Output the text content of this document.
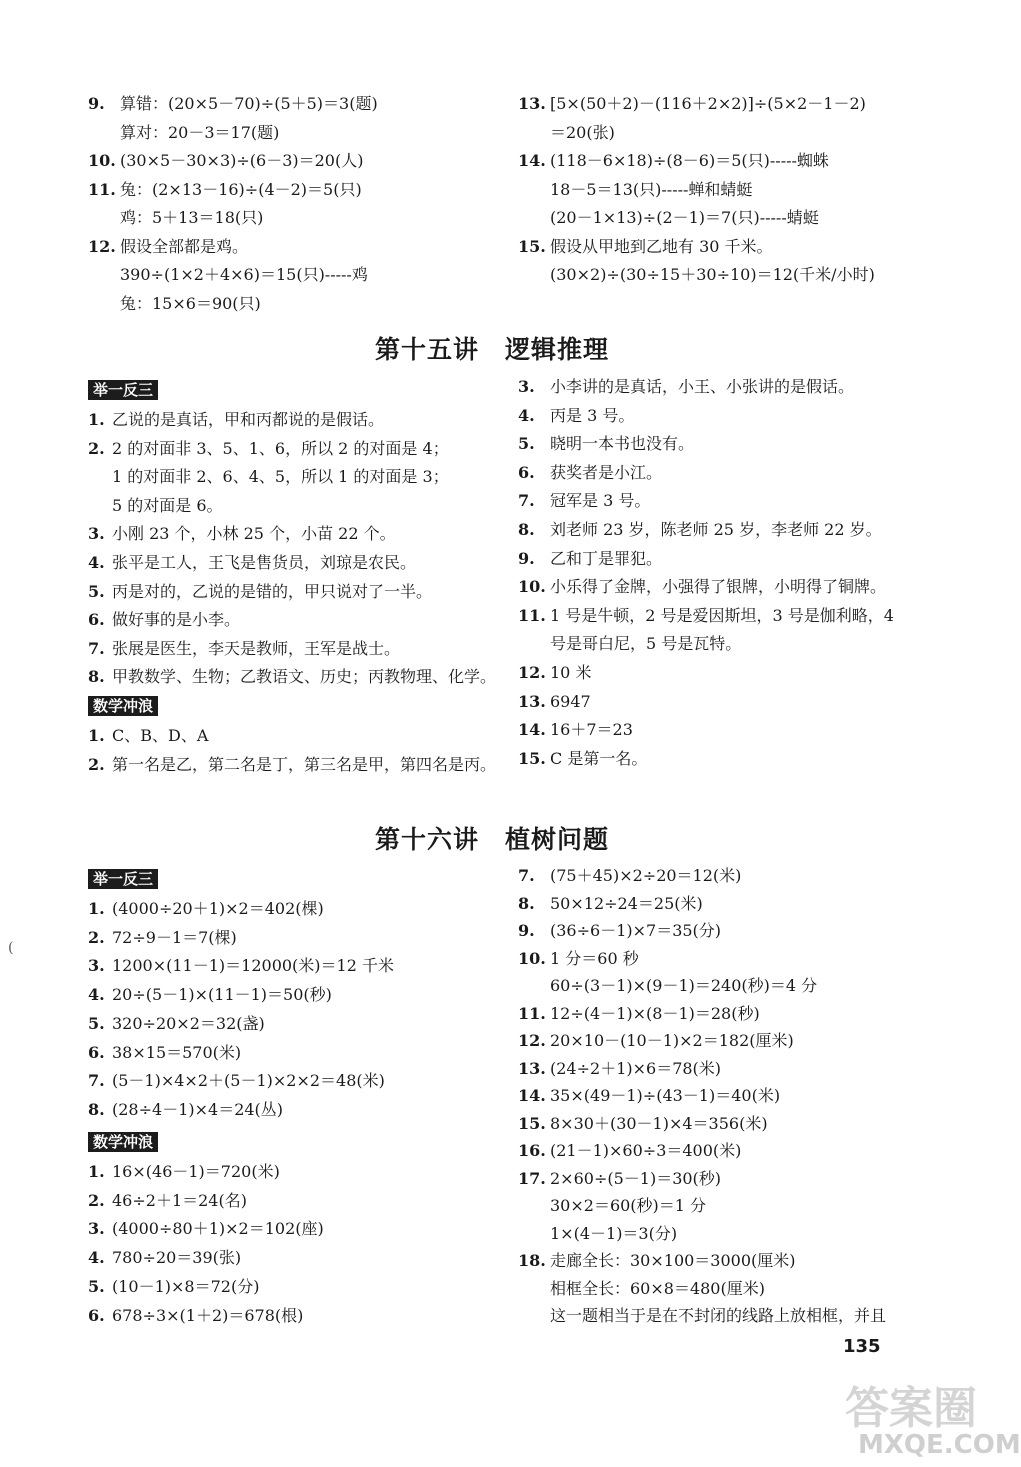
9. 算错：(20×5－70)÷(5＋5)＝3(题)
算对：20－3＝17(题)
10. (30×5－30×3)÷(6－3)＝20(人)
11. 兔：(2×13－16)÷(4－2)＝5(只)
鸡：5＋13＝18(只)
12. 假设全部都是鸡。
390÷(1×2＋4×6)＝15(只)-----鸡
兔：15×6＝90(只)
13. [5×(50＋2)－(116＋2×2)]÷(5×2－1－2)
＝20(张)
14. (118－6×18)÷(8－6)＝5(只)-----蜘蛛
18－5＝13(只)-----蝉和蜻蜓
(20－1×13)÷(2－1)＝7(只)-----蜻蜓
15. 假设从甲地到乙地有 30 千米。
(30×2)÷(30÷15＋30÷10)＝12(千米/小时)
1. 乙说的是真话，甲和丙都说的是假话。
2. 2 的对面非 3、5、1、6，所以 2 的对面是 4；
1 的对面非 2、6、4、5，所以 1 的对面是 3；
5 的对面是 6。
3. 小刚 23 个，小林 25 个，小苗 22 个。
4. 张平是工人，王飞是售货员，刘琼是农民。
5. 丙是对的，乙说的是错的，甲只说对了一半。
6. 做好事的是小李。
7. 张展是医生，李天是教师，王军是战士。
8. 甲教数学、生物；乙教语文、历史；丙教物理、化学。
1. C、B、D、A
2. 第一名是乙，第二名是丁，第三名是甲，第四名是丙。
3. 小李讲的是真话，小王、小张讲的是假话。
4. 丙是 3 号。
5. 晓明一本书也没有。
6. 获奖者是小江。
7. 冠军是 3 号。
8. 刘老师 23 岁，陈老师 25 岁，李老师 22 岁。
9. 乙和丁是罪犯。
10. 小乐得了金牌，小强得了银牌，小明得了铜牌。
11. 1 号是牛顿，2 号是爱因斯坦，3 号是伽利略，4
号是哥白尼，5 号是瓦特。
12. 10 米
13. 6947
14. 16＋7＝23
15. C 是第一名。
1. (4000÷20＋1)×2＝402(棵)
2. 72÷9－1＝7(棵)
3. 1200×(11－1)＝12000(米)＝12 千米
4. 20÷(5－1)×(11－1)＝50(秒)
5. 320÷20×2＝32(盏)
6. 38×15＝570(米)
7. (5－1)×4×2＋(5－1)×2×2＝48(米)
8. (28÷4－1)×4＝24(丛)
1. 16×(46－1)＝720(米)
2. 46÷2＋1＝24(名)
3. (4000÷80＋1)×2＝102(座)
4. 780÷20＝39(张)
5. (10－1)×8＝72(分)
6. 678÷3×(1＋2)＝678(根)
7. (75＋45)×2÷20＝12(米)
8. 50×12÷24＝25(米)
9. (36÷6－1)×7＝35(分)
10. 1 分＝60 秒
60÷(3－1)×(9－1)＝240(秒)＝4 分
11. 12÷(4－1)×(8－1)＝28(秒)
12. 20×10－(10－1)×2＝182(厘米)
13. (24÷2＋1)×6＝78(米)
14. 35×(49－1)÷(43－1)＝40(米)
15. 8×30＋(30－1)×4＝356(米)
16. (21－1)×60÷3＝400(米)
17. 2×60÷(5－1)＝30(秒)
30×2＝60(秒)＝1 分
1×(4－1)＝3(分)
18. 走廊全长：30×100＝3000(厘米)
相框全长：60×8＝480(厘米)
这一题相当于是在不封闭的线路上放相框，并且
第十五讲　逻辑推理
举一反三
数学冲浪
第十六讲　植树问题
举一反三
数学冲浪
135
答案圈
MXQE.COM
(
